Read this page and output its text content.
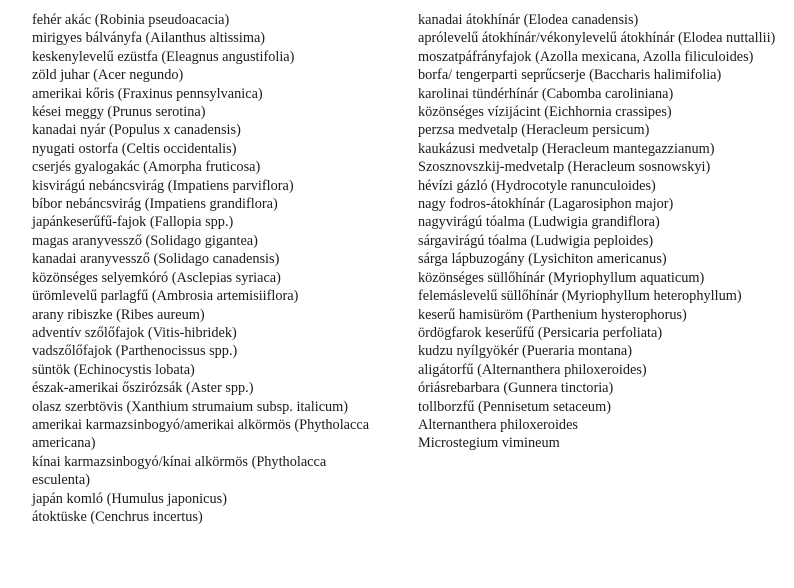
fehér akác (Robinia pseudoacacia)
mirigyes bálványfa (Ailanthus altissima)
keskenylevelű ezüstfa (Eleagnus angustifolia)
zöld juhar (Acer negundo)
amerikai kőris (Fraxinus pennsylvanica)
kései meggy (Prunus serotina)
kanadai nyár (Populus x canadensis)
nyugati ostorfa (Celtis occidentalis)
cserjés gyalogakác (Amorpha fruticosa)
kisvirágú nebáncsvirág (Impatiens parviflora)
bíbor nebáncsvirág (Impatiens grandiflora)
japánkeserűfű-fajok (Fallopia spp.)
magas aranyvessző (Solidago gigantea)
kanadai aranyvessző (Solidago canadensis)
közönséges selyemkóró (Asclepias syriaca)
ürömlevelű parlagfű (Ambrosia artemisiiflora)
arany ribiszke (Ribes aureum)
adventív szőlőfajok (Vitis-hibridek)
vadszőlőfajok (Parthenocissus spp.)
süntök (Echinocystis lobata)
észak-amerikai őszirózsák (Aster spp.)
olasz szerbtövis (Xanthium strumaium subsp. italicum)
amerikai karmazsinbogyó/amerikai alkörmös (Phytholacca americana)
kínai karmazsinbogyó/kínai alkörmös (Phytholacca esculenta)
japán komló (Humulus japonicus)
átoktüske (Cenchrus incertus)
kanadai átokhínár (Elodea canadensis)
aprólevelű átokhínár/vékonylevelű átokhínár (Elodea nuttallii)
moszatpáfrányfajok (Azolla mexicana, Azolla filiculoides)
borfa/ tengerparti seprűcserje (Baccharis halimifolia)
karolinai tündérhínár (Cabomba caroliniana)
közönséges vízijácint (Eichhornia crassipes)
perzsa medvetalp (Heracleum persicum)
kaukázusi medvetalp (Heracleum mantegazzianum)
Szosznovszkij-medvetalp (Heracleum sosnowskyi)
hévízi gázló (Hydrocotyle ranunculoides)
nagy fodros-átokhínár (Lagarosiphon major)
nagyvirágú tóalma (Ludwigia grandiflora)
sárgavirágú tóalma (Ludwigia peploides)
sárga lápbuzogány (Lysichiton americanus)
közönséges süllőhínár (Myriophyllum aquaticum)
felemáslevelű süllőhínár (Myriophyllum heterophyllum)
keserű hamisüröm (Parthenium hysterophorus)
ördögfarok keserűfű (Persicaria perfoliata)
kudzu nyílgyökér (Pueraria montana)
aligátorfű (Alternanthera philoxeroides)
óriásrebarbara (Gunnera tinctoria)
tollborzfű (Pennisetum setaceum)
Alternanthera philoxeroides
Microstegium vimineum
